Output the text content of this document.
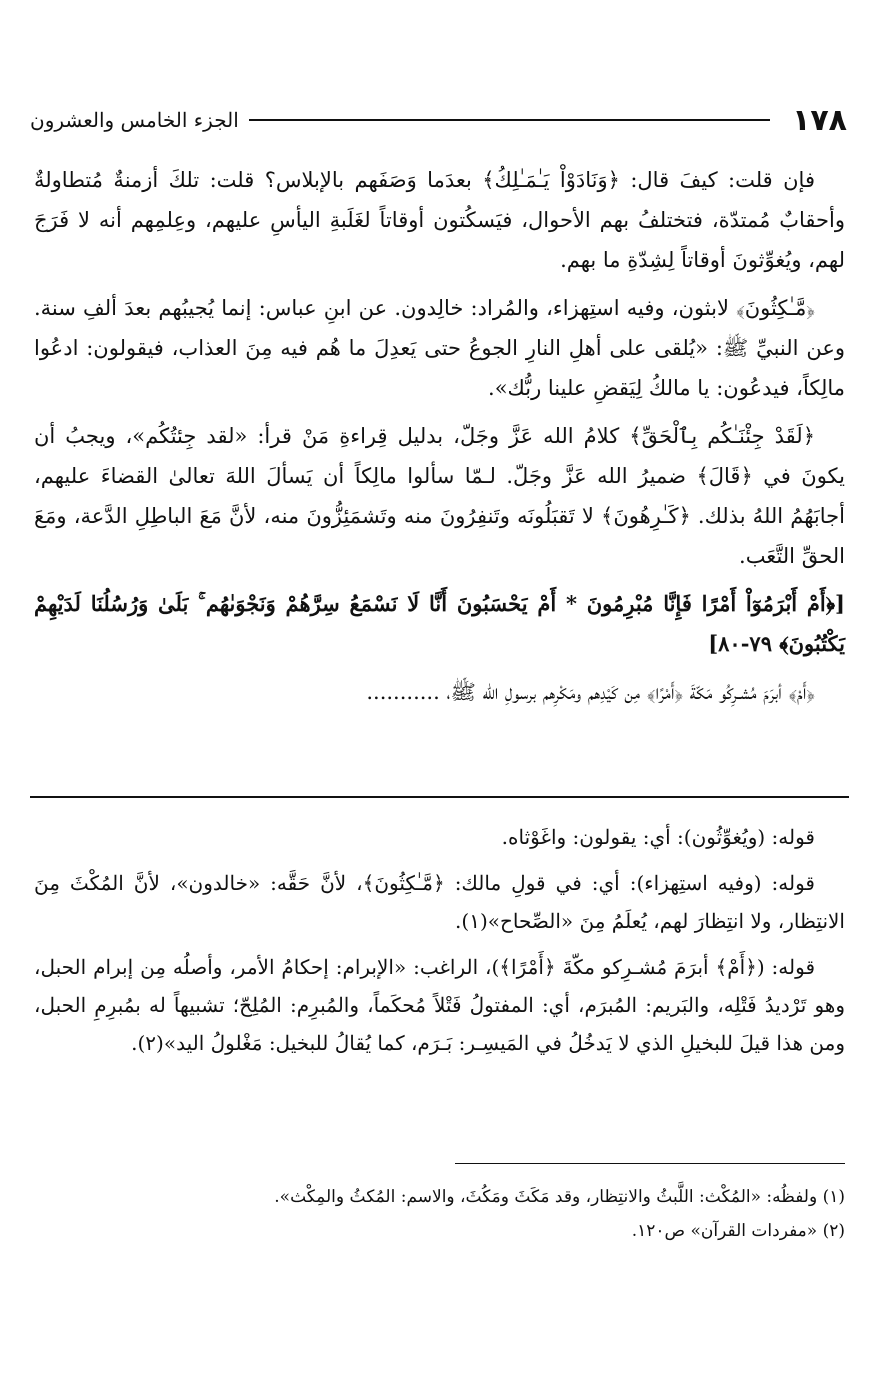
١٧٨
الجزء الخامس والعشرون

فإن قلت: كيفَ قال: ﴿وَنَادَوْاْ يَـٰمَـٰلِكُ﴾ بعدَما وَصَفَهم بالإبلاس؟ قلت: تلكَ أزمنةٌ مُتطاولةٌ وأحقابٌ مُمتدّة، فتختلفُ بهم الأحوال، فيَسكُتون أوقاتاً لغَلَبةِ اليأسِ عليهم، وعِلمِهم أنه لا فَرَجَ لهم، ويُغوِّثونَ أوقاتاً لِشِدّةِ ما بهم.

﴿مَّـٰكِثُونَ﴾ لابثون، وفيه استِهزاء، والمُراد: خالِدون. عن ابنِ عباس: إنما يُجيبُهم بعدَ ألفِ سنة. وعن النبيِّ ﷺ: «يُلقى على أهلِ النارِ الجوعُ حتى يَعدِلَ ما هُم فيه مِنَ العذاب، فيقولون: ادعُوا مالِكاً، فيدعُون: يا مالكُ لِيَقضِ علينا ربُّك».

﴿لَقَدْ جِئْنَـٰكُم بِٱلْحَقِّ﴾ كلامُ الله عَزَّ وجَلّ، بدليل قِراءةِ مَنْ قرأ: «لقد جِئتُكُم»، ويجبُ أن يكونَ في ﴿قَالَ﴾ ضميرُ الله عَزَّ وجَلّ. لـمّا سألوا مالِكاً أن يَسألَ اللهَ تعالىٰ القضاءَ عليهم، أجابَهُمُ اللهُ بذلك. ﴿كَـٰرِهُونَ﴾ لا تَقبَلُونَه وتَنفِرُونَ منه وتَشمَئِزُّونَ منه، لأنَّ مَعَ الباطِلِ الدَّعة، ومَعَ الحقِّ التَّعَب.

[﴿أَمْ أَبْرَمُوٓاْ أَمْرًا فَإِنَّا مُبْرِمُونَ * أَمْ يَحْسَبُونَ أَنَّا لَا نَسْمَعُ سِرَّهُمْ وَنَجْوَىٰهُم ۚ بَلَىٰ وَرُسُلُنَا لَدَيْهِمْ يَكْتُبُونَ﴾ ٧٩-٨٠]

﴿أَمْ﴾ أبرَمَ مُشـرِكُو مَكّةَ ﴿أَمْرًا﴾ مِن كَيْدِهم ومَكْرِهم برسولِ الله ﷺ، ...........

قوله: (ويُغوِّثُون): أي: يقولون: واغَوْثاه.

قوله: (وفيه استِهزاء): أي: في قولِ مالك: ﴿مَّـٰكِثُونَ﴾، لأنَّ حَقَّه: «خالدون»، لأنَّ المُكْثَ مِنَ الانتِظار، ولا انتِظارَ لهم، يُعلَمُ مِنَ «الصِّحاح»(١).

قوله: (﴿أَمْ﴾ أبرَمَ مُشـرِكو مكّةَ ﴿أَمْرًا﴾)، الراغب: «الإبرام: إحكامُ الأمر، وأصلُه مِن إبرام الحبل، وهو تَرْديدُ فَتْلِه، والبَريم: المُبرَم، أي: المفتولُ فَتْلاً مُحكَماً، والمُبرِم: المُلِحّ؛ تشبيهاً له بمُبرِمِ الحبل، ومن هذا قيلَ للبخيلِ الذي لا يَدخُلُ في المَيسِـر: بَـرَم، كما يُقالُ للبخيل: مَغْلولُ اليد»(٢).

(١) ولفظُه: «المُكْث: اللَّبثُ والانتِظار، وقد مَكَثَ ومَكُثَ، والاسم: المُكثُ والمِكْث».
(٢) «مفردات القرآن» ص١٢٠.
